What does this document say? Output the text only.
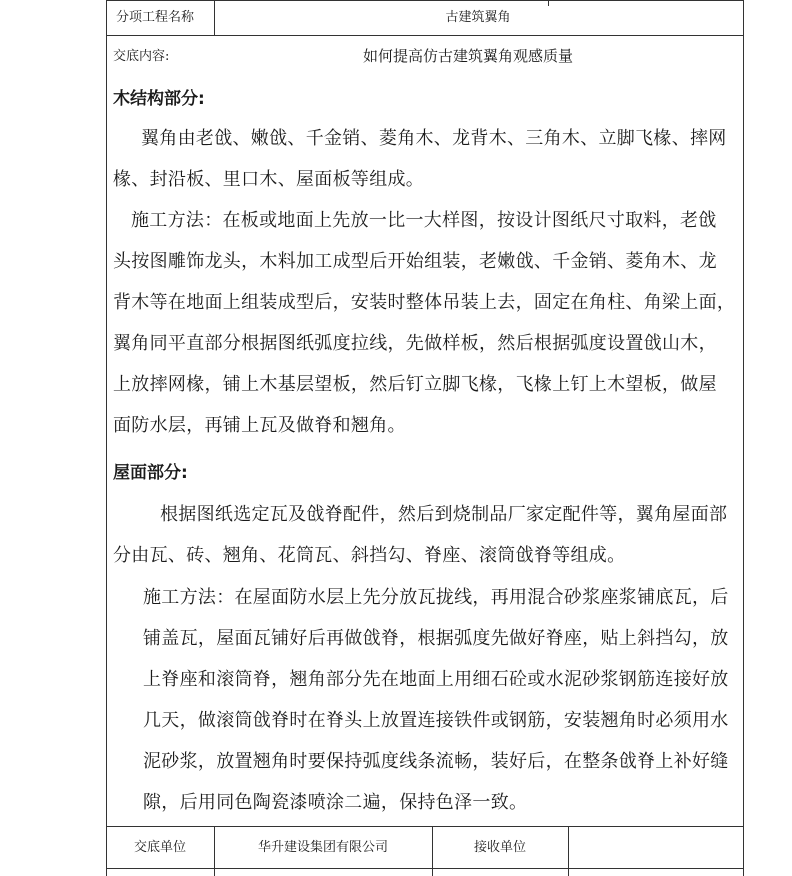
分项工程名称	古建筑翼角
交底内容:	如何提高仿古建筑翼角观感质量
木结构部分:
翼角由老戗、嫩戗、千金销、菱角木、龙背木、三角木、立脚飞椽、摔网
椽、封沿板、里口木、屋面板等组成。
施工方法：在板或地面上先放一比一大样图，按设计图纸尺寸取料，老戗
头按图雕饰龙头，木料加工成型后开始组装，老嫩戗、千金销、菱角木、龙
背木等在地面上组装成型后，安装时整体吊装上去，固定在角柱、角梁上面，
翼角同平直部分根据图纸弧度拉线，先做样板，然后根据弧度设置戗山木，
上放摔网椽，铺上木基层望板，然后钉立脚飞椽，飞椽上钉上木望板，做屋
面防水层，再铺上瓦及做脊和翘角。
屋面部分:
根据图纸选定瓦及戗脊配件，然后到烧制品厂家定配件等，翼角屋面部
分由瓦、砖、翘角、花筒瓦、斜挡勾、脊座、滚筒戗脊等组成。
施工方法：在屋面防水层上先分放瓦拢线，再用混合砂浆座浆铺底瓦，后
铺盖瓦，屋面瓦铺好后再做戗脊，根据弧度先做好脊座，贴上斜挡勾，放
上脊座和滚筒脊，翘角部分先在地面上用细石砼或水泥砂浆钢筋连接好放
几天，做滚筒戗脊时在脊头上放置连接铁件或钢筋，安装翘角时必须用水
泥砂浆，放置翘角时要保持弧度线条流畅，装好后，在整条戗脊上补好缝
隙，后用同色陶瓷漆喷涂二遍，保持色泽一致。
交底单位	华升建设集团有限公司	接收单位
